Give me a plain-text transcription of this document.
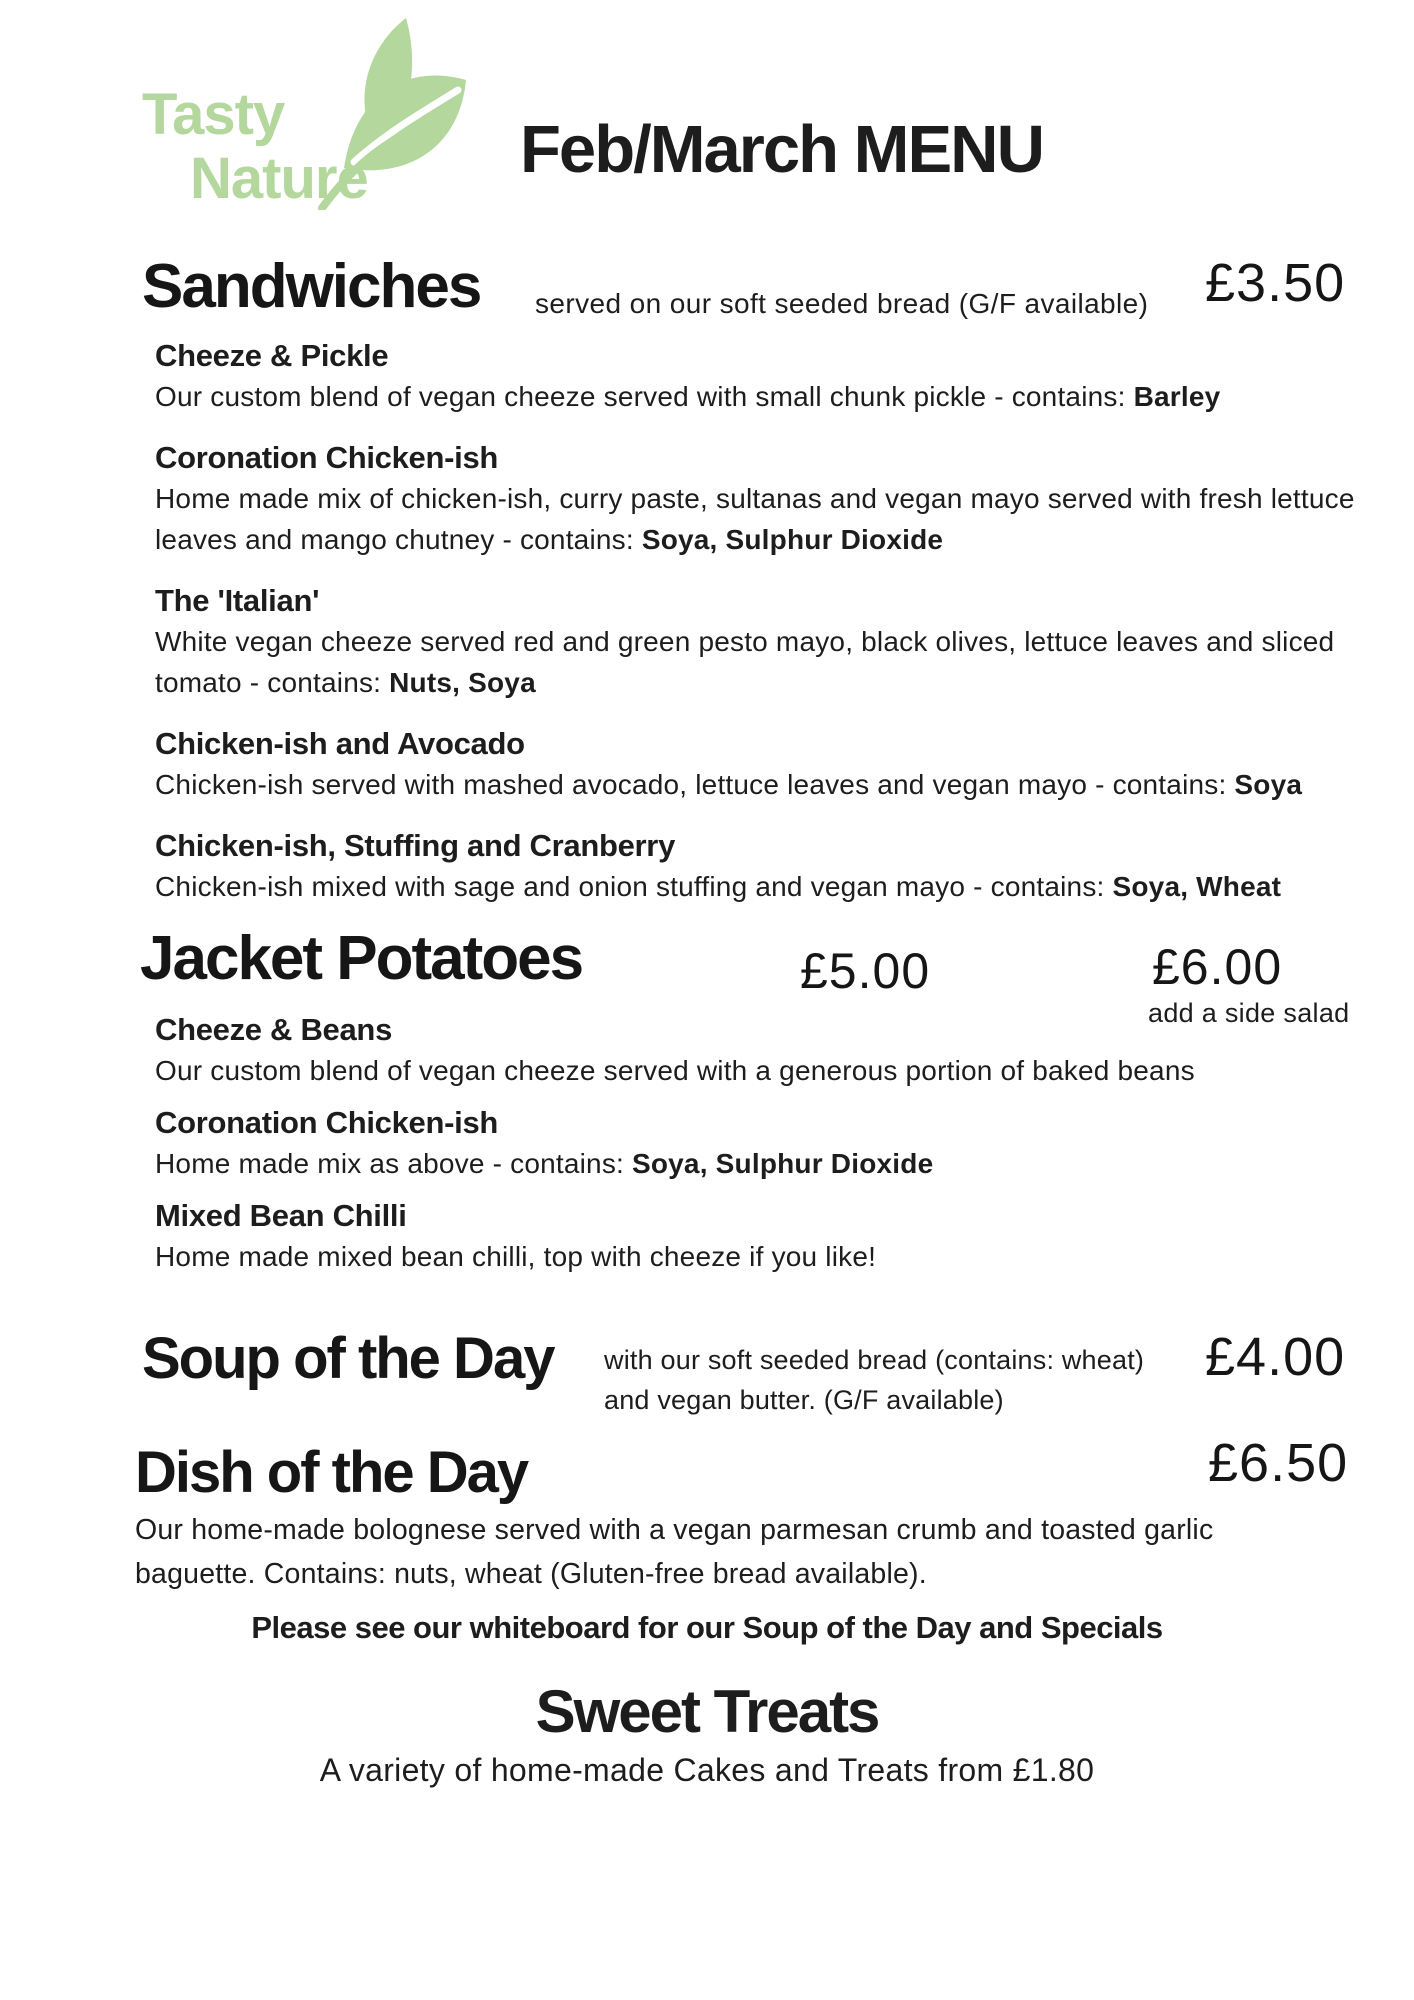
Tasty
Nature Feb/March MENU
Sandwiches served on our soft seeded bread (G/F available) £3.50
Cheeze & Pickle
Our custom blend of vegan cheeze served with small chunk pickle - contains: Barley
Coronation Chicken-ish
Home made mix of chicken-ish, curry paste, sultanas and vegan mayo served with fresh lettuce leaves and mango chutney - contains: Soya, Sulphur Dioxide
The 'Italian'
White vegan cheeze served red and green pesto mayo, black olives, lettuce leaves and sliced tomato - contains: Nuts, Soya
Chicken-ish and Avocado
Chicken-ish served with mashed avocado, lettuce leaves and vegan mayo - contains: Soya
Chicken-ish, Stuffing and Cranberry
Chicken-ish mixed with sage and onion stuffing and vegan mayo - contains: Soya, Wheat
Jacket Potatoes	£5.00	£6.00
add a side salad
Cheeze & Beans
Our custom blend of vegan cheeze served with a generous portion of baked beans
Coronation Chicken-ish
Home made mix as above - contains: Soya, Sulphur Dioxide
Mixed Bean Chilli
Home made mixed bean chilli, top with cheeze if you like!
Soup of the Day with our soft seeded bread (contains: wheat)
and vegan butter. (G/F available)
£4.00
Dish of the Day	£6.50
Our home-made bolognese served with a vegan parmesan crumb and toasted garlic baguette. Contains: nuts, wheat (Gluten-free bread available).
Please see our whiteboard for our Soup of the Day and Specials
Sweet Treats
A variety of home-made Cakes and Treats from £1.80
